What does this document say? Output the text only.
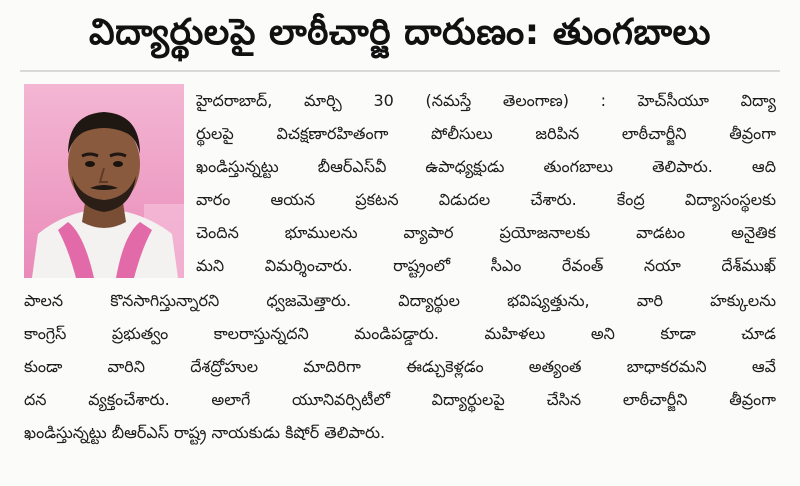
విద్యార్థులపై లాఠీచార్జి దారుణం: తుంగబాలు
హైదరాబాద్, మార్చి 30 (నమస్తే తెలంగాణ) : హెచ్‌సీయూ విద్యా
ర్థులపై విచక్షణారహితంగా పోలీసులు జరిపిన లాఠీచార్జీని తీవ్రంగా
ఖండిస్తున్నట్టు బీఆర్‌ఎస్‌వీ ఉపాధ్యక్షుడు తుంగబాలు తెలిపారు. ఆది
వారం ఆయన ప్రకటన విడుదల చేశారు. కేంద్ర విద్యాసంస్థలకు
చెందిన భూములను వ్యాపార ప్రయోజనాలకు వాడటం అనైతిక
మని విమర్శించారు. రాష్ట్రంలో సీఎం రేవంత్ నయా దేశ్‌ముఖ్
పాలన కొనసాగిస్తున్నారని ధ్వజమెత్తారు. విద్యార్థుల భవిష్యత్తును, వారి హక్కులను
కాంగ్రెస్ ప్రభుత్వం కాలరాస్తున్నదని మండిపడ్డారు. మహిళలు అని కూడా చూడ
కుండా వారిని దేశద్రోహుల మాదిరిగా ఈడ్చుకెళ్లడం అత్యంత బాధాకరమని ఆవే
దన వ్యక్తంచేశారు. అలాగే యూనివర్సిటీలో విద్యార్థులపై చేసిన లాఠీచార్జీని తీవ్రంగా
ఖండిస్తున్నట్టు బీఆర్‌ఎస్ రాష్ట్ర నాయకుడు కిషోర్ తెలిపారు.
